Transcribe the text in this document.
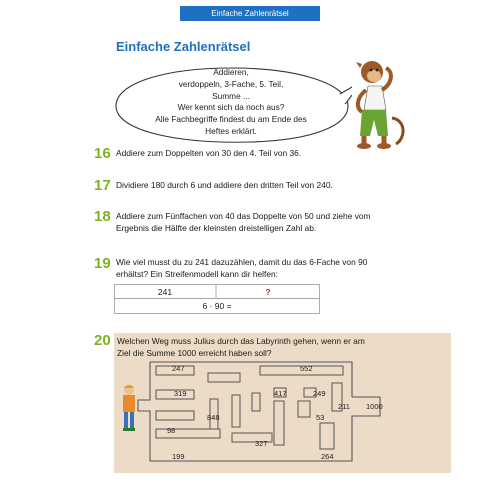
Einfache Zahlenrätsel
Einfache Zahlenrätsel
Addieren,
verdoppeln, 3-Fache, 5. Teil,
Summe ...
Wer kennt sich da noch aus?
Alle Fachbegriffe findest du am Ende des
Heftes erklärt.
16 Addiere zum Doppelten von 30 den 4. Teil von 36.
17 Dividiere 180 durch 6 und addiere den dritten Teil von 240.
18 Addiere zum Fünffachen von 40 das Doppelte von 50 und ziehe vom
Ergebnis die Hälfte der kleinsten dreistelligen Zahl ab.
19 Wie viel musst du zu 241 dazuzählen, damit du das 6-Fache von 90
erhältst? Ein Streifenmodell kann dir helfen:
241	?
6 · 90 =
20 Welchen Weg muss Julius durch das Labyrinth gehen, wenn er am
Ziel die Summe 1000 erreicht haben soll?
247	552
319	417	249
848
211 1000
98
53
327
199	264
